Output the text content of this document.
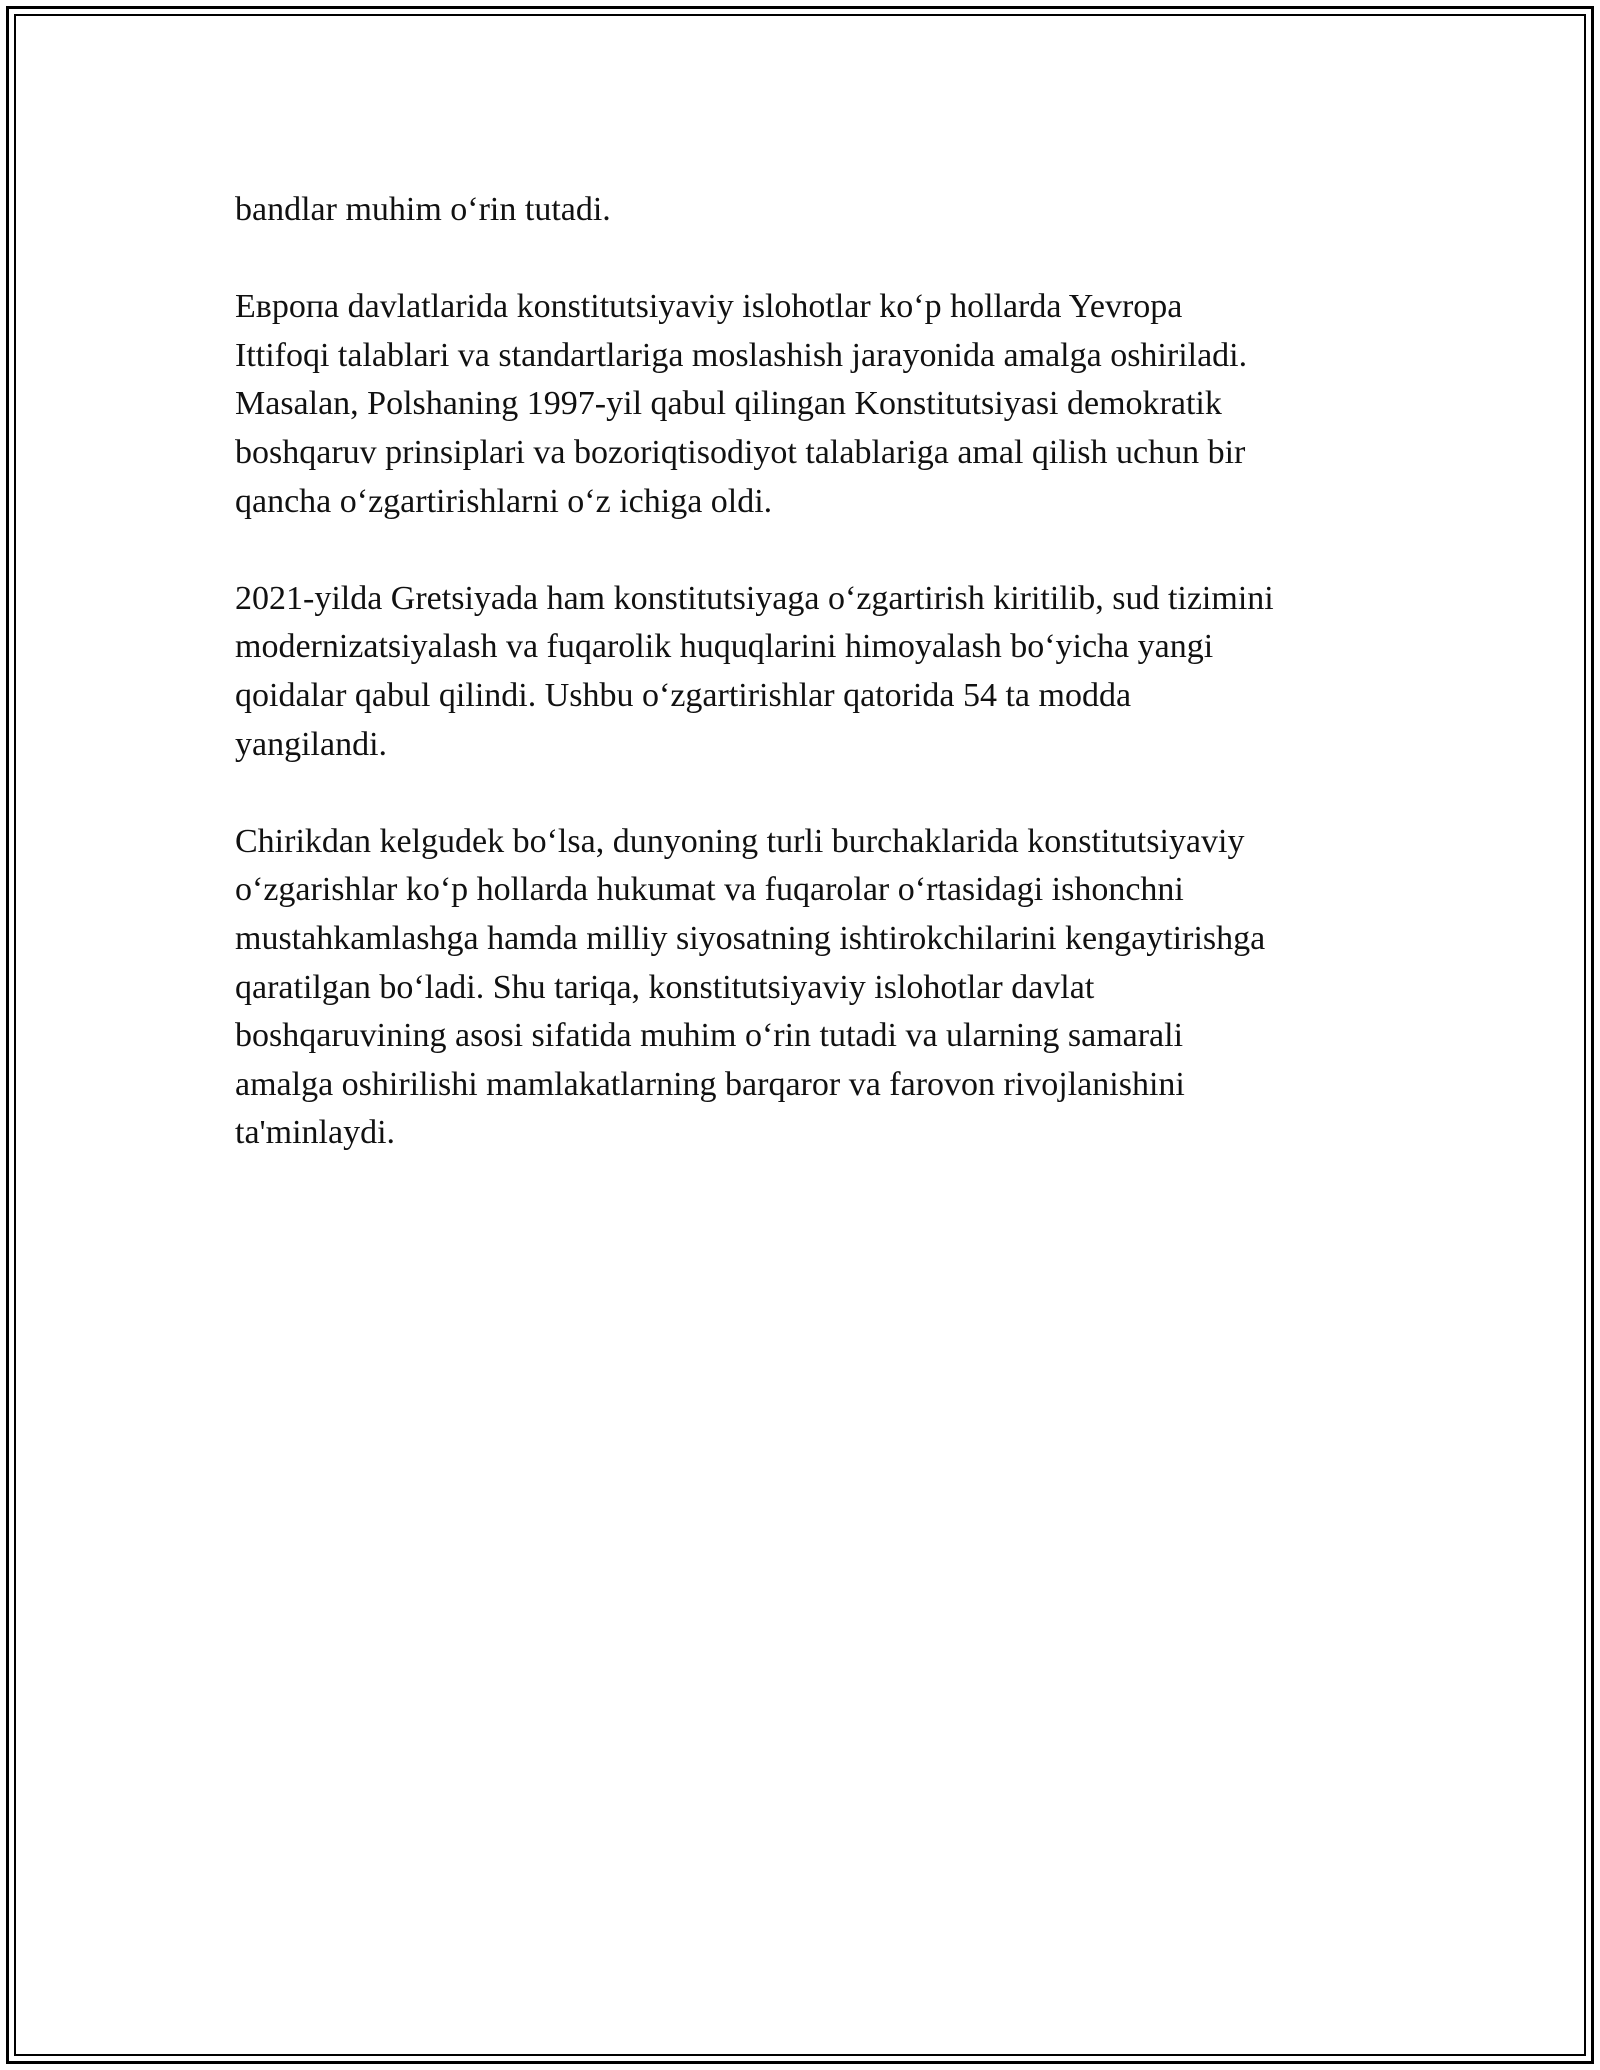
bandlar muhim o‘rin tutadi.

Европа davlatlarida konstitutsiyaviy islohotlar ko‘p hollarda Yevropa
Ittifoqi talablari va standartlariga moslashish jarayonida amalga oshiriladi.
Masalan, Polshaning 1997-yil qabul qilingan Konstitutsiyasi demokratik
boshqaruv prinsiplari va bozoriqtisodiyot talablariga amal qilish uchun bir
qancha o‘zgartirishlarni o‘z ichiga oldi.

2021-yilda Gretsiyada ham konstitutsiyaga o‘zgartirish kiritilib, sud tizimini
modernizatsiyalash va fuqarolik huquqlarini himoyalash bo‘yicha yangi
qoidalar qabul qilindi. Ushbu o‘zgartirishlar qatorida 54 ta modda
yangilandi.

Chirikdan kelgudek bo‘lsa, dunyoning turli burchaklarida konstitutsiyaviy
o‘zgarishlar ko‘p hollarda hukumat va fuqarolar o‘rtasidagi ishonchni
mustahkamlashga hamda milliy siyosatning ishtirokchilarini kengaytirishga
qaratilgan bo‘ladi. Shu tariqa, konstitutsiyaviy islohotlar davlat
boshqaruvining asosi sifatida muhim o‘rin tutadi va ularning samarali
amalga oshirilishi mamlakatlarning barqaror va farovon rivojlanishini
ta'minlaydi.
